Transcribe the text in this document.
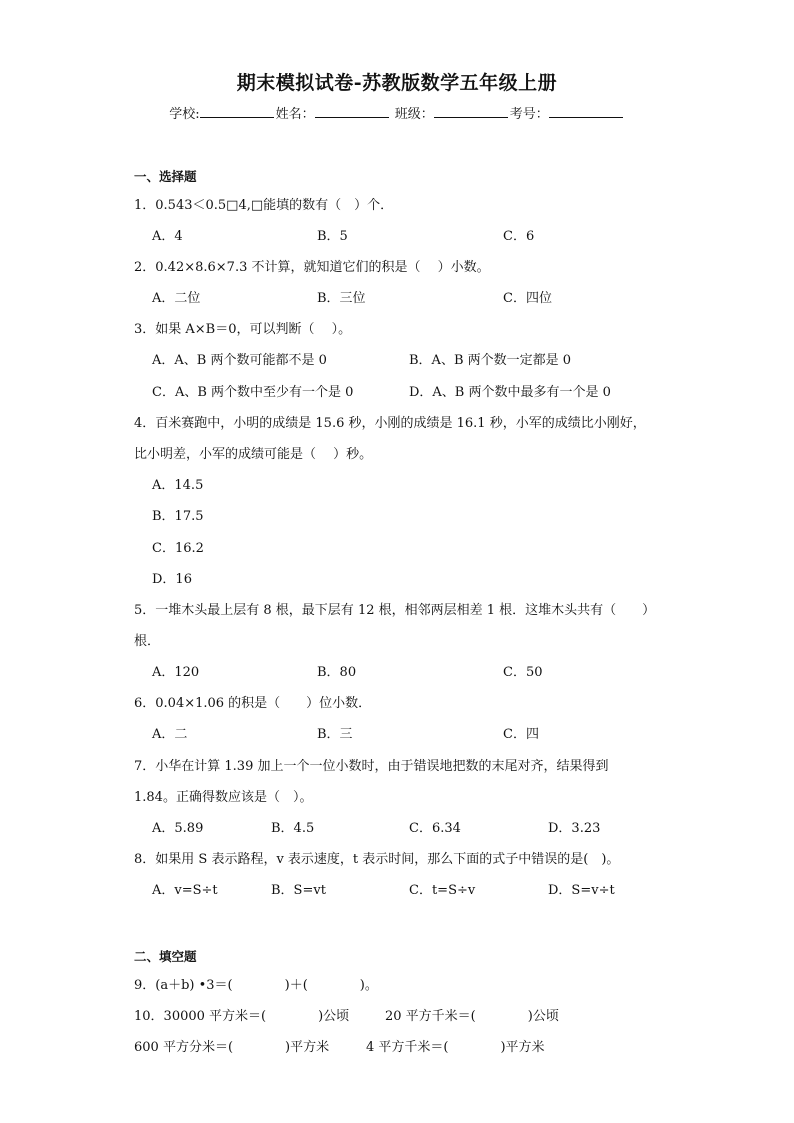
期末模拟试卷-苏教版数学五年级上册
学校:	姓名：	班级：	考号：
一、选择题
1．0.543＜0.5□4,□能填的数有（　）个．
A．4	B．5	C．6
2．0.42×8.6×7.3 不计算，就知道它们的积是（　 ）小数。
A．二位	B．三位	C．四位
3．如果 A×B＝0，可以判断（　 ）。
A．A、B 两个数可能都不是 0	B．A、B 两个数一定都是 0
C．A、B 两个数中至少有一个是 0	D．A、B 两个数中最多有一个是 0
4．百米赛跑中，小明的成绩是 15.6 秒，小刚的成绩是 16.1 秒，小军的成绩比小刚好，
比小明差，小军的成绩可能是（　 ）秒。
A．14.5
B．17.5
C．16.2
D．16
5．一堆木头最上层有 8 根，最下层有 12 根，相邻两层相差 1 根．这堆木头共有（　　）
根．
A．120	B．80	C．50
6．0.04×1.06 的积是（　　）位小数．
A．二	B．三	C．四
7．小华在计算 1.39 加上一个一位小数时，由于错误地把数的末尾对齐，结果得到
1.84。正确得数应该是（　）。
A．5.89	B．4.5	C．6.34	D．3.23
8．如果用 S 表示路程，v 表示速度，t 表示时间，那么下面的式子中错误的是(　)。
A．v=S÷t	B．S=vt	C．t=S÷v	D．S=v÷t
二、填空题
9．(a＋b) •3＝(　　　　)＋(　　　　)。
10．30000 平方米＝(　　　　)公顷	20 平方千米＝(　　　　)公顷
600 平方分米＝(　　　　)平方米	4 平方千米＝(　　　　)平方米
